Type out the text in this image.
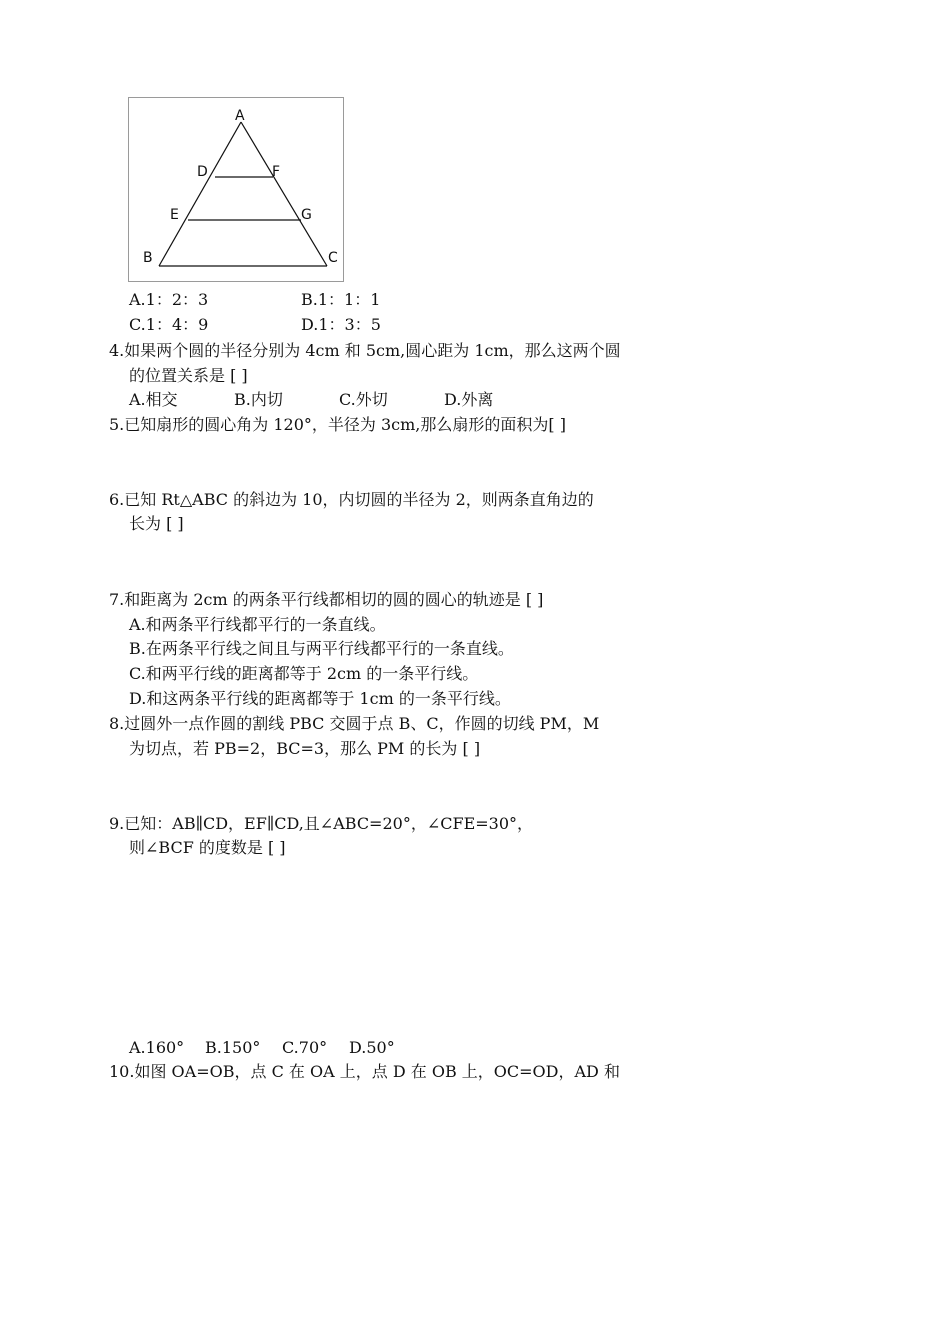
A
D	F
E	G
B	C
A.1：2：3	B.1：1：1
C.1：4：9	D.1：3：5
4.如果两个圆的半径分别为 4cm 和 5cm,圆心距为 1cm，那么这两个圆
的位置关系是 [ ]
A.相交	B.内切	C.外切	D.外离
5.已知扇形的圆心角为 120°，半径为 3cm,那么扇形的面积为[ ]
6.已知 Rt△ABC 的斜边为 10，内切圆的半径为 2，则两条直角边的
长为 [ ]
7.和距离为 2cm 的两条平行线都相切的圆的圆心的轨迹是 [ ]
A.和两条平行线都平行的一条直线。
B.在两条平行线之间且与两平行线都平行的一条直线。
C.和两平行线的距离都等于 2cm 的一条平行线。
D.和这两条平行线的距离都等于 1cm 的一条平行线。
8.过圆外一点作圆的割线 PBC 交圆于点 B、C，作圆的切线 PM，M
为切点，若 PB=2，BC=3，那么 PM 的长为 [ ]
9.已知：AB∥CD，EF∥CD,且∠ABC=20°，∠CFE=30°，
则∠BCF 的度数是 [ ]
A.160° B.150° C.70° D.50°
10.如图 OA=OB，点 C 在 OA 上，点 D 在 OB 上，OC=OD，AD 和
